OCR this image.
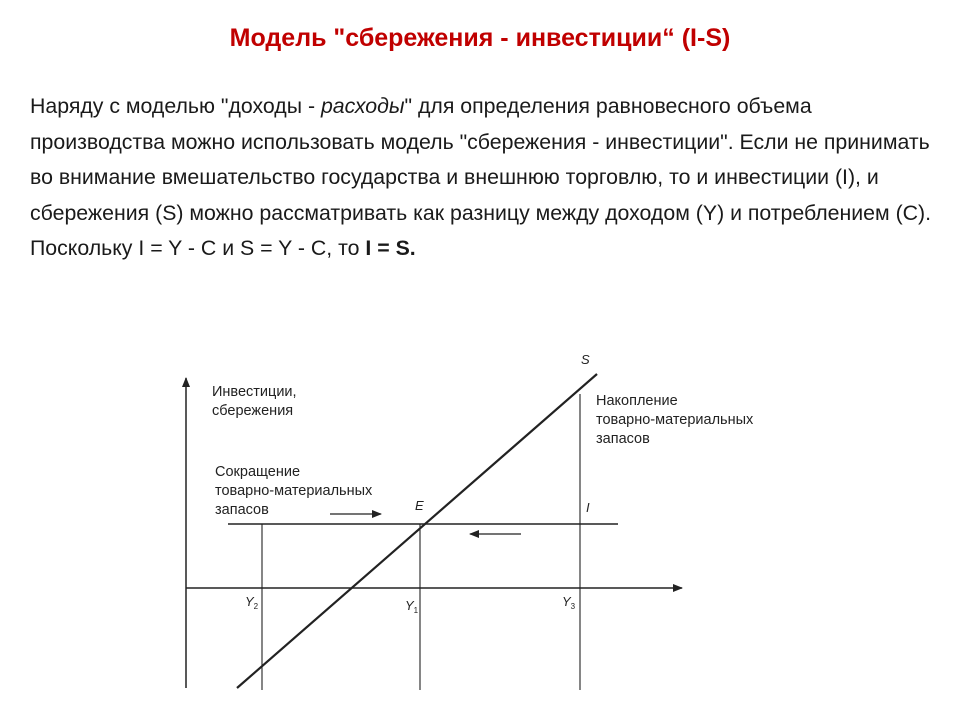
Модель "сбережения - инвестиции“ (I-S)

Наряду с моделью "доходы - расходы" для определения равновесного объема производства можно использовать модель "сбережения - инвестиции". Если не принимать во внимание вмешательство государства и внешнюю торговлю, то и инвестиции (I), и сбережения (S) можно рассматривать как разницу между доходом (Y) и потреблением (С).

Поскольку I = Y - C и S = Y - C, то I = S.

Инвестиции,
сбережения
Накопление
товарно-материальных
запасов
Сокращение
товарно-материальных
запасов
S
I
E
Y2	Y1
Y3
